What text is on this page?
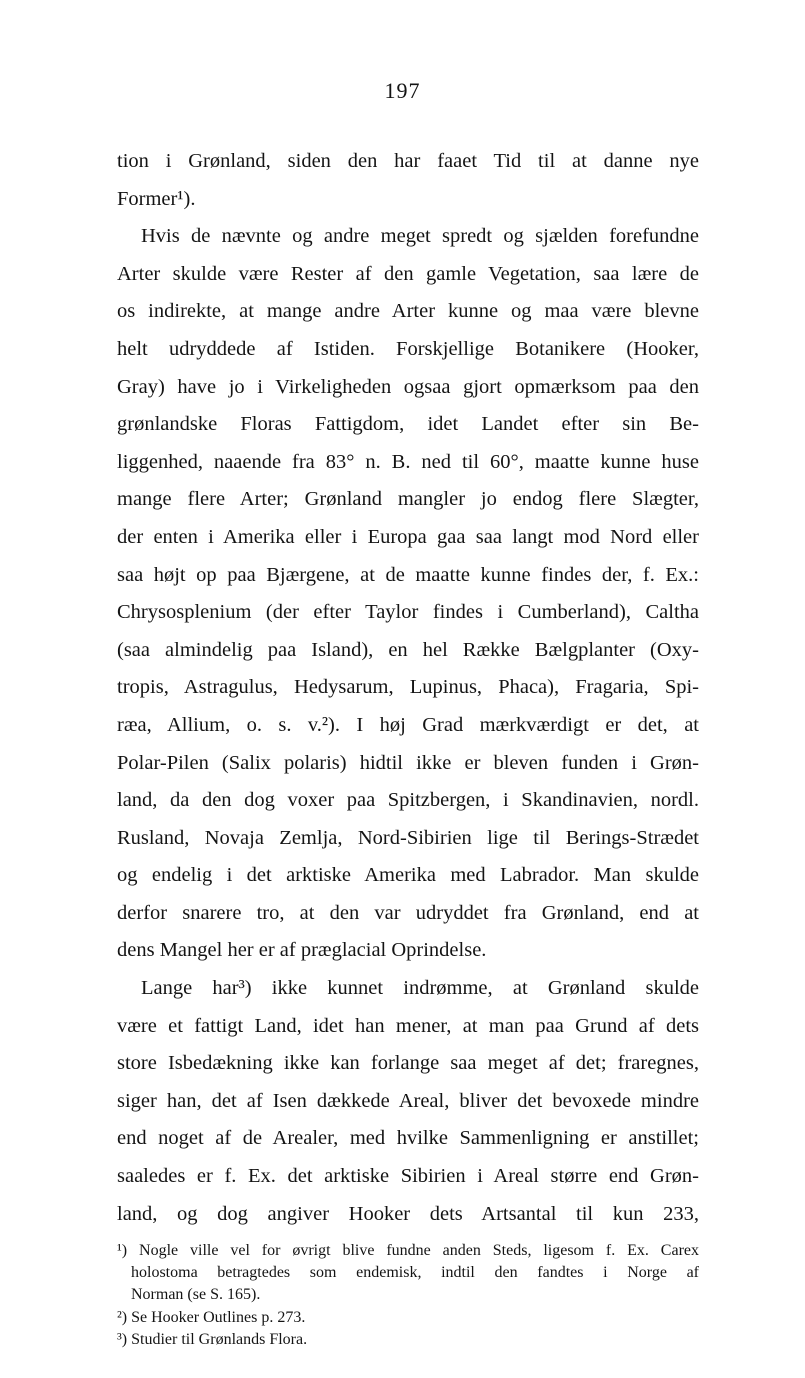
197
tion i Grønland, siden den har faaet Tid til at danne nye
Former¹).
Hvis de nævnte og andre meget spredt og sjælden forefundne
Arter skulde være Rester af den gamle Vegetation, saa lære de
os indirekte, at mange andre Arter kunne og maa være blevne
helt udryddede af Istiden. Forskjellige Botanikere (Hooker,
Gray) have jo i Virkeligheden ogsaa gjort opmærksom paa den
grønlandske Floras Fattigdom, idet Landet efter sin Be-
liggenhed, naaende fra 83° n. B. ned til 60°, maatte kunne huse
mange flere Arter; Grønland mangler jo endog flere Slægter,
der enten i Amerika eller i Europa gaa saa langt mod Nord eller
saa højt op paa Bjærgene, at de maatte kunne findes der, f. Ex.:
Chrysosplenium (der efter Taylor findes i Cumberland), Caltha
(saa almindelig paa Island), en hel Række Bælgplanter (Oxy-
tropis, Astragulus, Hedysarum, Lupinus, Phaca), Fragaria, Spi-
ræa, Allium, o. s. v.²). I høj Grad mærkværdigt er det, at
Polar-Pilen (Salix polaris) hidtil ikke er bleven funden i Grøn-
land, da den dog voxer paa Spitzbergen, i Skandinavien, nordl.
Rusland, Novaja Zemlja, Nord-Sibirien lige til Berings-Strædet
og endelig i det arktiske Amerika med Labrador. Man skulde
derfor snarere tro, at den var udryddet fra Grønland, end at
dens Mangel her er af præglacial Oprindelse.
Lange har³) ikke kunnet indrømme, at Grønland skulde
være et fattigt Land, idet han mener, at man paa Grund af dets
store Isbedækning ikke kan forlange saa meget af det; fraregnes,
siger han, det af Isen dækkede Areal, bliver det bevoxede mindre
end noget af de Arealer, med hvilke Sammenligning er anstillet;
saaledes er f. Ex. det arktiske Sibirien i Areal større end Grøn-
land, og dog angiver Hooker dets Artsantal til kun 233,
¹) Nogle ville vel for øvrigt blive fundne anden Steds, ligesom f. Ex. Carex
holostoma betragtedes som endemisk, indtil den fandtes i Norge af
Norman (se S. 165).
²) Se Hooker Outlines p. 273.
³) Studier til Grønlands Flora.
